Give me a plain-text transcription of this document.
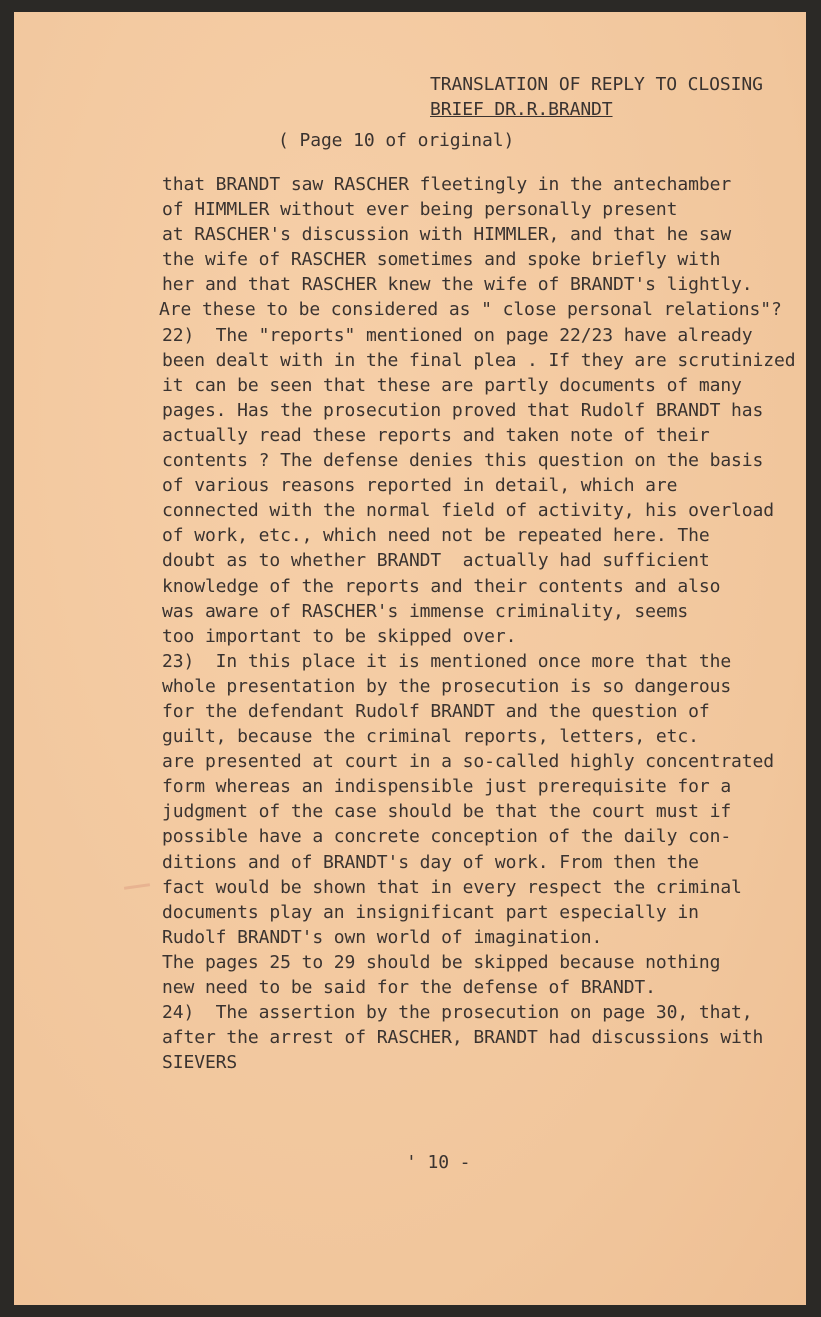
TRANSLATION OF REPLY TO CLOSING
BRIEF DR.R.BRANDT
( Page 10 of original)
that BRANDT saw RASCHER fleetingly in the antechamber
of HIMMLER without ever being personally present
at RASCHER's discussion with HIMMLER, and that he saw
the wife of RASCHER sometimes and spoke briefly with
her and that RASCHER knew the wife of BRANDT's lightly.
Are these to be considered as " close personal relations"?
22)  The "reports" mentioned on page 22/23 have already
been dealt with in the final plea . If they are scrutinized
it can be seen that these are partly documents of many
pages. Has the prosecution proved that Rudolf BRANDT has
actually read these reports and taken note of their
contents ? The defense denies this question on the basis
of various reasons reported in detail, which are
connected with the normal field of activity, his overload
of work, etc., which need not be repeated here. The
doubt as to whether BRANDT  actually had sufficient
knowledge of the reports and their contents and also
was aware of RASCHER's immense criminality, seems
too important to be skipped over.
23)  In this place it is mentioned once more that the
whole presentation by the prosecution is so dangerous
for the defendant Rudolf BRANDT and the question of
guilt, because the criminal reports, letters, etc.
are presented at court in a so-called highly concentrated
form whereas an indispensible just prerequisite for a
judgment of the case should be that the court must if
possible have a concrete conception of the daily con-
ditions and of BRANDT's day of work. From then the
fact would be shown that in every respect the criminal
documents play an insignificant part especially in
Rudolf BRANDT's own world of imagination.
The pages 25 to 29 should be skipped because nothing
new need to be said for the defense of BRANDT.
24)  The assertion by the prosecution on page 30, that,
after the arrest of RASCHER, BRANDT had discussions with
SIEVERS
' 10 -
